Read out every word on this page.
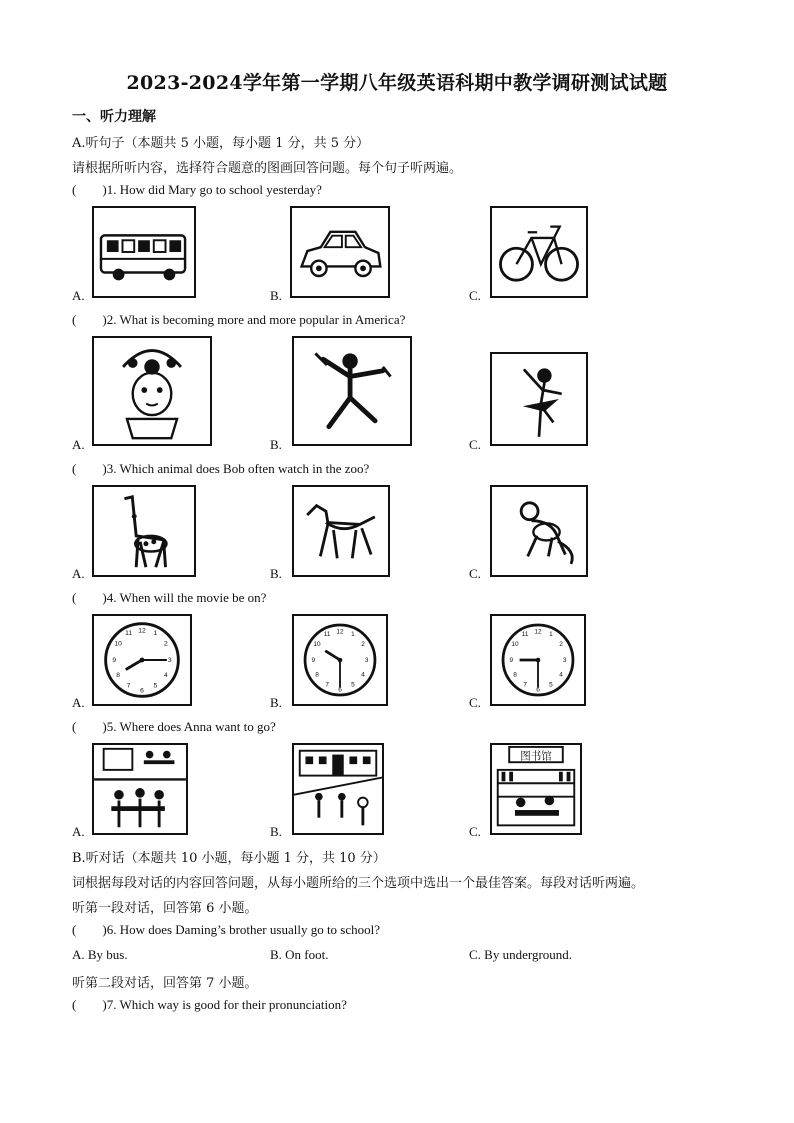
2023-2024学年第一学期八年级英语科期中教学调研测试试题
一、听力理解
A.听句子（本题共 5 小题，每小题 1 分，共 5 分）
请根据所听内容，选择符合题意的图画回答问题。每个句子听两遍。
( )1. How did Mary go to school yesterday?
A.	B.	C.
( )2. What is becoming more and more popular in America?
A.	B.	C.
( )3. Which animal does Bob often watch in the zoo?
A.	B.	C.
( )4. When will the movie be on?
A.	B.	C.
12 1
2
3
4
5
6
7
8
9
10
11	12 1
2
3
4
5
6
7
8
9
10
11	12 1
2
3
4
5
6
7
8
9
10
11
( )5. Where does Anna want to go?
A.	B.	C.
图书馆
B.听对话（本题共 10 小题，每小题 1 分，共 10 分）
词根据每段对话的内容回答问题，从每小题所给的三个选项中选出一个最佳答案。每段对话听两遍。
听第一段对话，回答第 6 小题。
( )6. How does Daming’s brother usually go to school?
A. By bus.	B. On foot.	C. By underground.
听第二段对话，回答第 7 小题。
( )7. Which way is good for their pronunciation?
